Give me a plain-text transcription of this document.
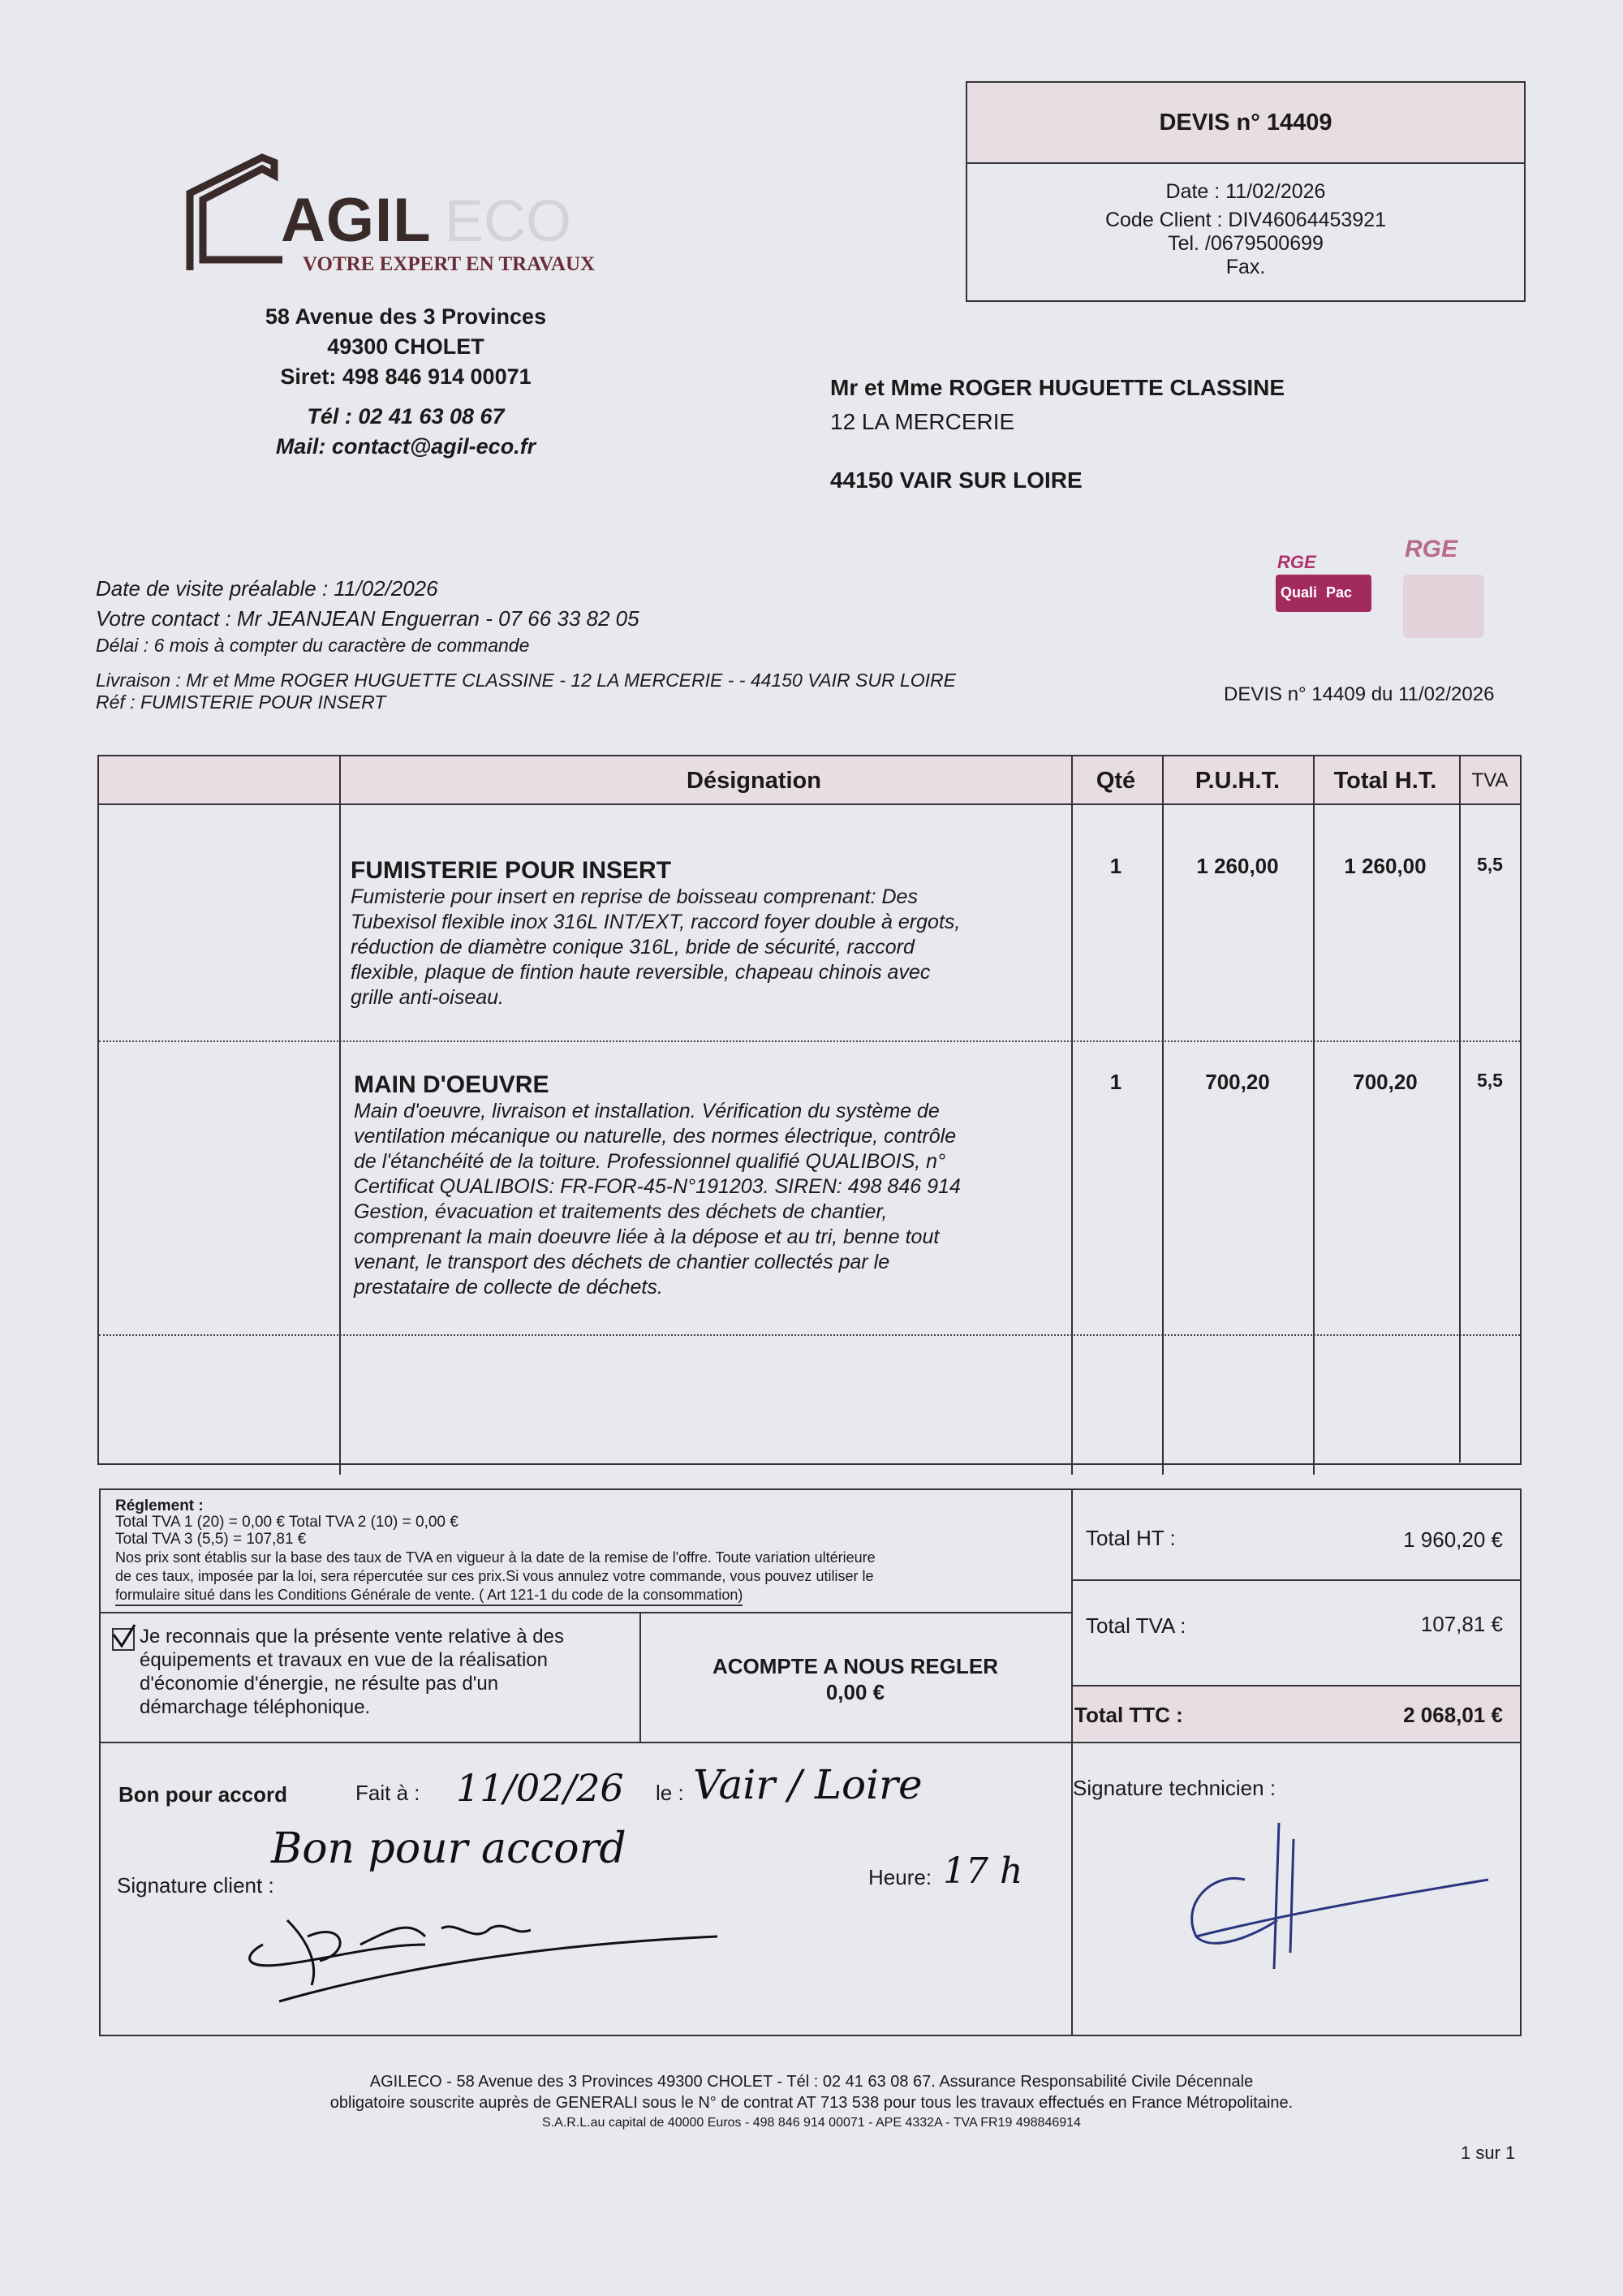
AGIL ECO
VOTRE EXPERT EN TRAVAUX
DEVIS n° 14409
Date : 11/02/2026
Code Client : DIV46064453921
Tel. /0679500699
Fax.
58 Avenue des 3 Provinces
49300 CHOLET
Siret: 498 846 914 00071
Tél : 02 41 63 08 67
Mail: contact@agil-eco.fr
Mr et Mme ROGER HUGUETTE CLASSINE
12 LA MERCERIE
44150 VAIR SUR LOIRE
RGE
Quali Pac
RGE
Date de visite préalable : 11/02/2026
Votre contact : Mr JEANJEAN Enguerran - 07 66 33 82 05
Délai : 6 mois à compter du caractère de commande
Livraison : Mr et Mme ROGER HUGUETTE CLASSINE - 12 LA MERCERIE - - 44150 VAIR SUR LOIRE
Réf : FUMISTERIE POUR INSERT	DEVIS n° 14409 du 11/02/2026
Désignation	Qté	P.U.H.T.	Total H.T.	TVA
FUMISTERIE POUR INSERT
Fumisterie pour insert en reprise de boisseau comprenant: Des
Tubexisol flexible inox 316L INT/EXT, raccord foyer double à ergots,
réduction de diamètre conique 316L, bride de sécurité, raccord
flexible, plaque de fintion haute reversible, chapeau chinois avec
grille anti-oiseau.
1	1 260,00	1 260,00	5,5
MAIN D'OEUVRE
Main d'oeuvre, livraison et installation. Vérification du système de
ventilation mécanique ou naturelle, des normes électrique, contrôle
de l'étanchéité de la toiture. Professionnel qualifié QUALIBOIS, n°
Certificat QUALIBOIS: FR-FOR-45-N°191203. SIREN: 498 846 914
Gestion, évacuation et traitements des déchets de chantier,
comprenant la main doeuvre liée à la dépose et au tri, benne tout
venant, le transport des déchets de chantier collectés par le
prestataire de collecte de déchets.
1	700,20	700,20	5,5
Réglement :
Total TVA 1 (20) = 0,00 € Total TVA 2 (10) = 0,00 €
Total TVA 3 (5,5) = 107,81 €
Nos prix sont établis sur la base des taux de TVA en vigueur à la date de la remise de l'offre. Toute variation ultérieure
de ces taux, imposée par la loi, sera répercutée sur ces prix.Si vous annulez votre commande, vous pouvez utiliser le
formulaire situé dans les Conditions Générale de vente. ( Art 121-1 du code de la consommation)
Je reconnais que la présente vente relative à des
équipements et travaux en vue de la réalisation
d'économie d'énergie, ne résulte pas d'un
démarchage téléphonique.
ACOMPTE A NOUS REGLER
0,00 €
Total HT :	1 960,20 €
Total TVA :	107,81 €
Total TTC :	2 068,01 €
Bon pour accord	Fait à : 11/02/26 le : Vair / Loire
Bon pour accord
Signature client :	Heure: 17 h
Signature technicien :
AGILECO - 58 Avenue des 3 Provinces 49300 CHOLET - Tél : 02 41 63 08 67. Assurance Responsabilité Civile Décennale
obligatoire souscrite auprès de GENERALI sous le N° de contrat AT 713 538 pour tous les travaux effectués en France Métropolitaine.
S.A.R.L.au capital de 40000 Euros - 498 846 914 00071 - APE 4332A - TVA FR19 498846914
1 sur 1
